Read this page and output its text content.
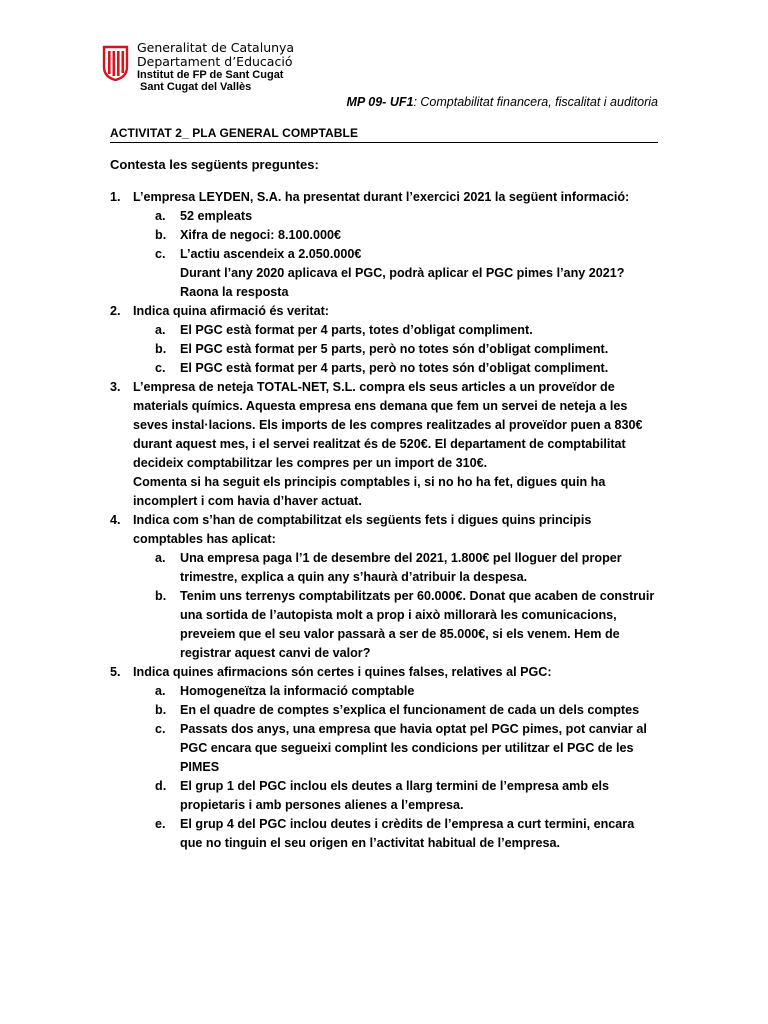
Generalitat de Catalunya
Departament d’Educació
Institut de FP de Sant Cugat
Sant Cugat del Vallès
MP 09- UF1: Comptabilitat financera, fiscalitat i auditoria
ACTIVITAT 2_ PLA GENERAL COMPTABLE
Contesta les següents preguntes:
1. L’empresa LEYDEN, S.A. ha presentat durant l’exercici 2021 la següent informació:
a. 52 empleats
b. Xifra de negoci: 8.100.000€
c. L’actiu ascendeix a 2.050.000€
Durant l’any 2020 aplicava el PGC, podrà aplicar el PGC pimes l’any 2021? Raona la resposta
2. Indica quina afirmació és veritat:
a. El PGC està format per 4 parts, totes d’obligat compliment.
b. El PGC està format per 5 parts, però no totes són d’obligat compliment.
c. El PGC està format per 4 parts, però no totes són d’obligat compliment.
3. L’empresa de neteja TOTAL-NET, S.L. compra els seus articles a un proveïdor de materials químics. Aquesta empresa ens demana que fem un servei de neteja a les seves instal·lacions. Els imports de les compres realitzades al proveïdor puen a 830€ durant aquest mes, i el servei realitzat és de 520€. El departament de comptabilitat decideix comptabilitzar les compres per un import de 310€.
Comenta si ha seguit els principis comptables i, si no ho ha fet, digues quin ha incomplert i com havia d’haver actuat.
4. Indica com s’han de comptabilitzat els següents fets i digues quins principis comptables has aplicat:
a. Una empresa paga l’1 de desembre del 2021, 1.800€ pel lloguer del proper trimestre, explica a quin any s’haurà d’atribuir la despesa.
b. Tenim uns terrenys comptabilitzats per 60.000€. Donat que acaben de construir una sortida de l’autopista molt a prop i això millorarà les comunicacions, preveiem que el seu valor passarà a ser de 85.000€, si els venem. Hem de registrar aquest canvi de valor?
5. Indica quines afirmacions són certes i quines falses, relatives al PGC:
a. Homogeneïtza la informació comptable
b. En el quadre de comptes s’explica el funcionament de cada un dels comptes
c. Passats dos anys, una empresa que havia optat pel PGC pimes, pot canviar al PGC encara que segueixi complint les condicions per utilitzar el PGC de les PIMES
d. El grup 1 del PGC inclou els deutes a llarg termini de l’empresa amb els propietaris i amb persones alienes a l’empresa.
e. El grup 4 del PGC inclou deutes i crèdits de l’empresa a curt termini, encara que no tinguin el seu origen en l’activitat habitual de l’empresa.
